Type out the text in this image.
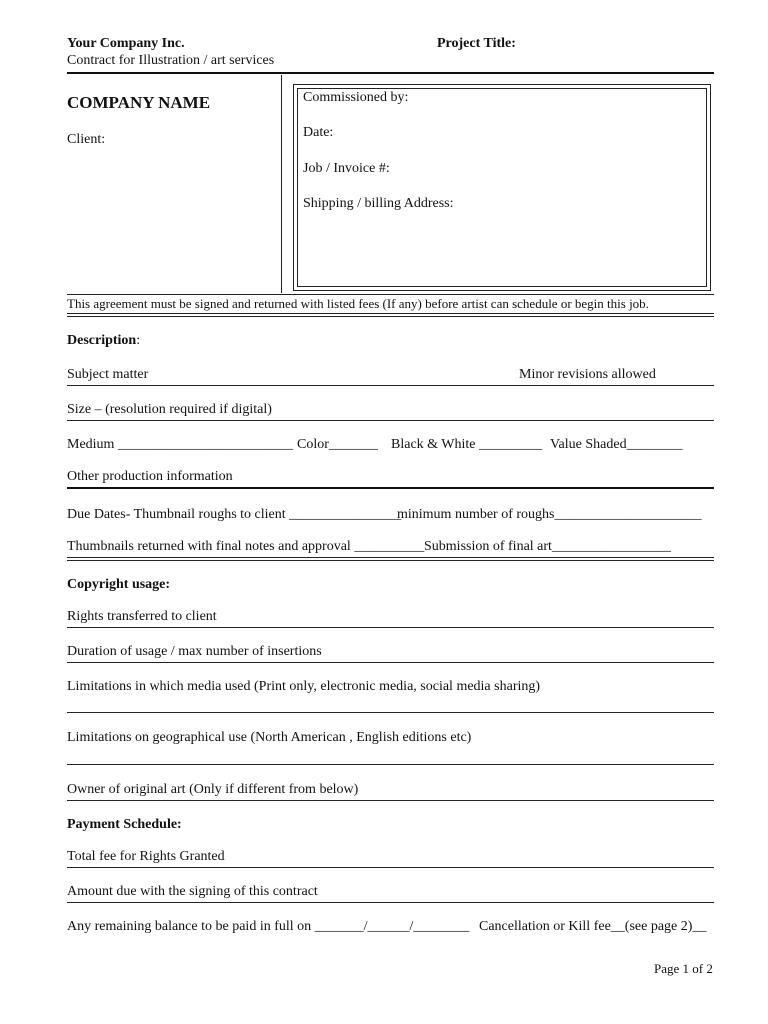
Your Company Inc.
Contract for Illustration / art services
Project Title:
COMPANY NAME
Client:
Commissioned by:
Date:
Job / Invoice #:
Shipping / billing Address:
This agreement must be signed and returned with listed fees (If any) before artist can schedule or begin this job.
Description:
Subject matter	Minor revisions allowed
Size – (resolution required if digital)
Medium _________________________ Color_______ Black & White _________ Value Shaded________
Other production information
Due Dates- Thumbnail roughs to client ________________
minimum number of roughs_____________________
Thumbnails returned with final notes and approval __________ Submission of final art_________________
Copyright usage:
Rights transferred to client
Duration of usage / max number of insertions
Limitations in which media used (Print only, electronic media, social media sharing)
Limitations on geographical use (North American , English editions etc)
Owner of original art (Only if different from below)
Payment Schedule:
Total fee for Rights Granted
Amount due with the signing of this contract
Any remaining balance to be paid in full on _______/______/________ Cancellation or Kill fee__(see page 2)__
Page 1 of 2
